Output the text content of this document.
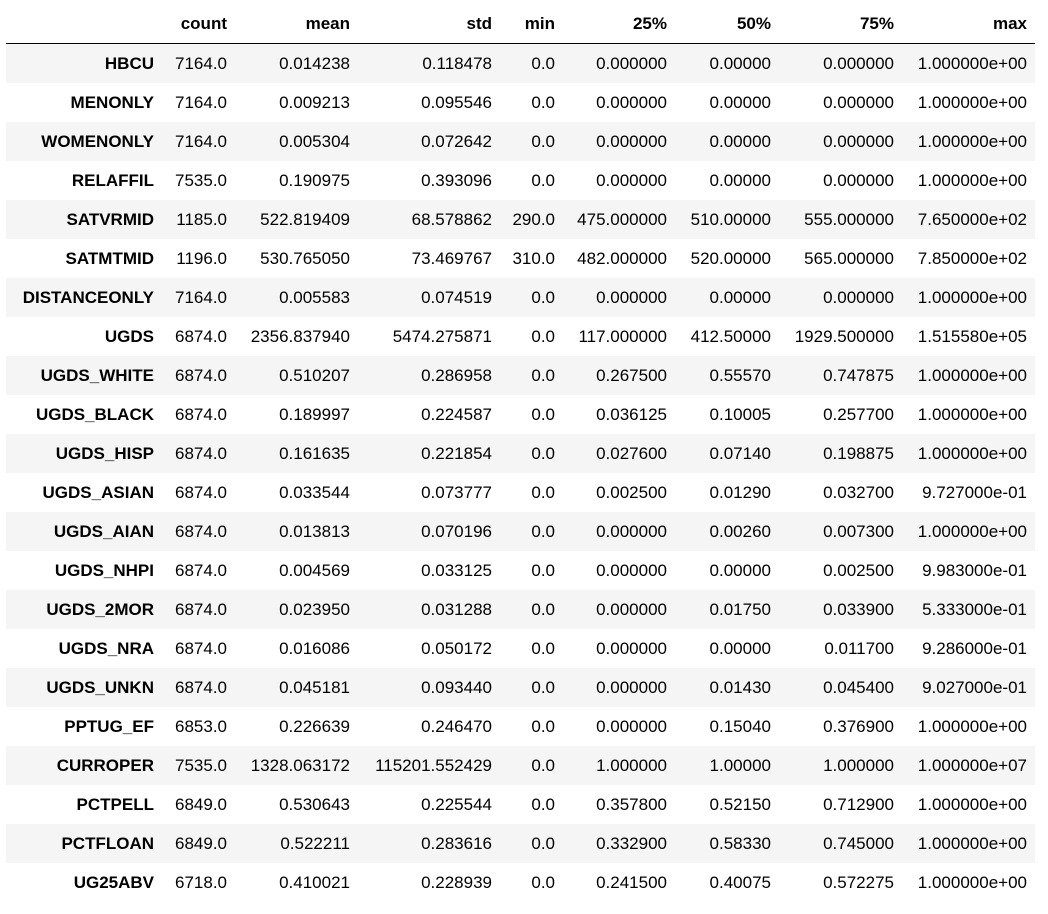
	count	mean	std	min	25%	50%	75%	max
HBCU	7164.0	0.014238	0.118478	0.0	0.000000	0.00000	0.000000	1.000000e+00
MENONLY	7164.0	0.009213	0.095546	0.0	0.000000	0.00000	0.000000	1.000000e+00
WOMENONLY	7164.0	0.005304	0.072642	0.0	0.000000	0.00000	0.000000	1.000000e+00
RELAFFIL	7535.0	0.190975	0.393096	0.0	0.000000	0.00000	0.000000	1.000000e+00
SATVRMID	1185.0	522.819409	68.578862	290.0	475.000000	510.00000	555.000000	7.650000e+02
SATMTMID	1196.0	530.765050	73.469767	310.0	482.000000	520.00000	565.000000	7.850000e+02
DISTANCEONLY	7164.0	0.005583	0.074519	0.0	0.000000	0.00000	0.000000	1.000000e+00
UGDS	6874.0	2356.837940	5474.275871	0.0	117.000000	412.50000	1929.500000	1.515580e+05
UGDS_WHITE	6874.0	0.510207	0.286958	0.0	0.267500	0.55570	0.747875	1.000000e+00
UGDS_BLACK	6874.0	0.189997	0.224587	0.0	0.036125	0.10005	0.257700	1.000000e+00
UGDS_HISP	6874.0	0.161635	0.221854	0.0	0.027600	0.07140	0.198875	1.000000e+00
UGDS_ASIAN	6874.0	0.033544	0.073777	0.0	0.002500	0.01290	0.032700	9.727000e-01
UGDS_AIAN	6874.0	0.013813	0.070196	0.0	0.000000	0.00260	0.007300	1.000000e+00
UGDS_NHPI	6874.0	0.004569	0.033125	0.0	0.000000	0.00000	0.002500	9.983000e-01
UGDS_2MOR	6874.0	0.023950	0.031288	0.0	0.000000	0.01750	0.033900	5.333000e-01
UGDS_NRA	6874.0	0.016086	0.050172	0.0	0.000000	0.00000	0.011700	9.286000e-01
UGDS_UNKN	6874.0	0.045181	0.093440	0.0	0.000000	0.01430	0.045400	9.027000e-01
PPTUG_EF	6853.0	0.226639	0.246470	0.0	0.000000	0.15040	0.376900	1.000000e+00
CURROPER	7535.0	1328.063172	115201.552429	0.0	1.000000	1.00000	1.000000	1.000000e+07
PCTPELL	6849.0	0.530643	0.225544	0.0	0.357800	0.52150	0.712900	1.000000e+00
PCTFLOAN	6849.0	0.522211	0.283616	0.0	0.332900	0.58330	0.745000	1.000000e+00
UG25ABV	6718.0	0.410021	0.228939	0.0	0.241500	0.40075	0.572275	1.000000e+00
